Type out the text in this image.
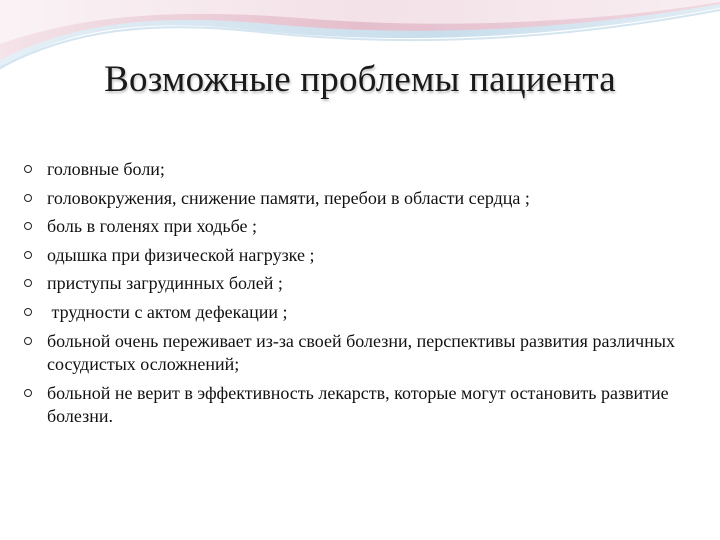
Возможные проблемы пациента
головные боли;
головокружения, снижение памяти, перебои в области сердца ;
боль в голенях при ходьбе ;
одышка при физической нагрузке ;
приступы загрудинных болей ;
трудности с актом дефекации ;
больной очень переживает из-за своей болезни, перспективы развития различных сосудистых осложнений;
больной не верит в эффективность лекарств, которые могут остановить развитие болезни.
